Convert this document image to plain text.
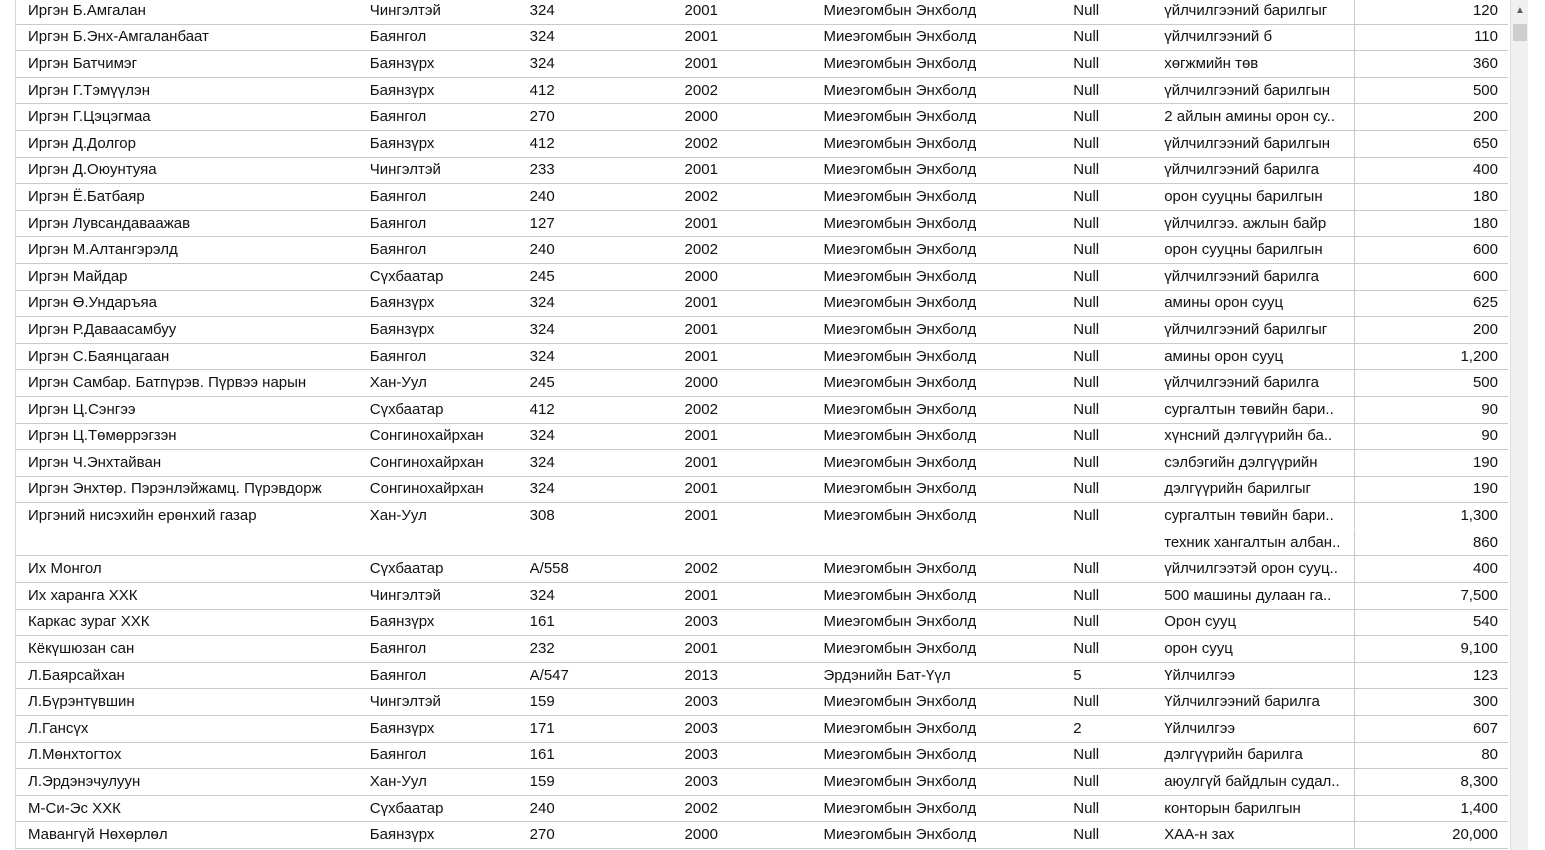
Иргэн Б.Амгалан	Чингэлтэй	324	2001	Миеэгомбын Энхболд	Null	үйлчилгээний барилгыг	120
Иргэн Б.Энх-Амгаланбаат	Баянгол	324	2001	Миеэгомбын Энхболд	Null	үйлчилгээний б	110
Иргэн Батчимэг	Баянзүрх	324	2001	Миеэгомбын Энхболд	Null	хөгжмийн төв	360
Иргэн Г.Тэмүүлэн	Баянзүрх	412	2002	Миеэгомбын Энхболд	Null	үйлчилгээний барилгын	500
Иргэн Г.Цэцэгмаа	Баянгол	270	2000	Миеэгомбын Энхболд	Null	2 айлын амины орон су..	200
Иргэн Д.Долгор	Баянзүрх	412	2002	Миеэгомбын Энхболд	Null	үйлчилгээний барилгын	650
Иргэн Д.Оюунтуяа	Чингэлтэй	233	2001	Миеэгомбын Энхболд	Null	үйлчилгээний барилга	400
Иргэн Ё.Батбаяр	Баянгол	240	2002	Миеэгомбын Энхболд	Null	орон сууцны барилгын	180
Иргэн Лувсандаваажав	Баянгол	127	2001	Миеэгомбын Энхболд	Null	үйлчилгээ. ажлын байр	180
Иргэн М.Алтангэрэлд	Баянгол	240	2002	Миеэгомбын Энхболд	Null	орон сууцны барилгын	600
Иргэн Майдар	Сүхбаатар	245	2000	Миеэгомбын Энхболд	Null	үйлчилгээний барилга	600
Иргэн Ө.Ундаръяа	Баянзүрх	324	2001	Миеэгомбын Энхболд	Null	амины орон сууц	625
Иргэн Р.Даваасамбуу	Баянзүрх	324	2001	Миеэгомбын Энхболд	Null	үйлчилгээний барилгыг	200
Иргэн С.Баянцагаан	Баянгол	324	2001	Миеэгомбын Энхболд	Null	амины орон сууц	1,200
Иргэн Самбар. Батпүрэв. Пүрвээ нарын	Хан-Уул	245	2000	Миеэгомбын Энхболд	Null	үйлчилгээний барилга	500
Иргэн Ц.Сэнгээ	Сүхбаатар	412	2002	Миеэгомбын Энхболд	Null	сургалтын төвийн бари..	90
Иргэн Ц.Төмөррэгзэн	Сонгинохайрхан	324	2001	Миеэгомбын Энхболд	Null	хүнсний дэлгүүрийн ба..	90
Иргэн Ч.Энхтайван	Сонгинохайрхан	324	2001	Миеэгомбын Энхболд	Null	сэлбэгийн дэлгүүрийн	190
Иргэн Энхтөр. Пэрэнлэйжамц. Пүрэвдорж	Сонгинохайрхан	324	2001	Миеэгомбын Энхболд	Null	дэлгүүрийн барилгыг	190
Иргэний нисэхийн ерөнхий газар	Хан-Уул	308	2001	Миеэгомбын Энхболд	Null	сургалтын төвийн бари..	1,300
техник хангалтын албан..	860
Их Монгол	Сүхбаатар	А/558	2002	Миеэгомбын Энхболд	Null	үйлчилгээтэй орон сууц..	400
Их харанга ХХК	Чингэлтэй	324	2001	Миеэгомбын Энхболд	Null	500 машины дулаан га..	7,500
Каркас зураг ХХК	Баянзүрх	161	2003	Миеэгомбын Энхболд	Null	Орон сууц	540
Кёкүшюзан сан	Баянгол	232	2001	Миеэгомбын Энхболд	Null	орон сууц	9,100
Л.Баярсайхан	Баянгол	А/547	2013	Эрдэнийн Бат-Үүл	5	Үйлчилгээ	123
Л.Бүрэнтүвшин	Чингэлтэй	159	2003	Миеэгомбын Энхболд	Null	Үйлчилгээний барилга	300
Л.Гансүх	Баянзүрх	171	2003	Миеэгомбын Энхболд	2	Үйлчилгээ	607
Л.Мөнхтогтох	Баянгол	161	2003	Миеэгомбын Энхболд	Null	дэлгүүрийн барилга	80
Л.Эрдэнэчулуун	Хан-Уул	159	2003	Миеэгомбын Энхболд	Null	аюулгүй байдлын судал..	8,300
М-Си-Эс ХХК	Сүхбаатар	240	2002	Миеэгомбын Энхболд	Null	конторын барилгын	1,400
Мавангүй Нөхөрлөл	Баянзүрх	270	2000	Миеэгомбын Энхболд	Null	ХАА-н зах	20,000
▲
